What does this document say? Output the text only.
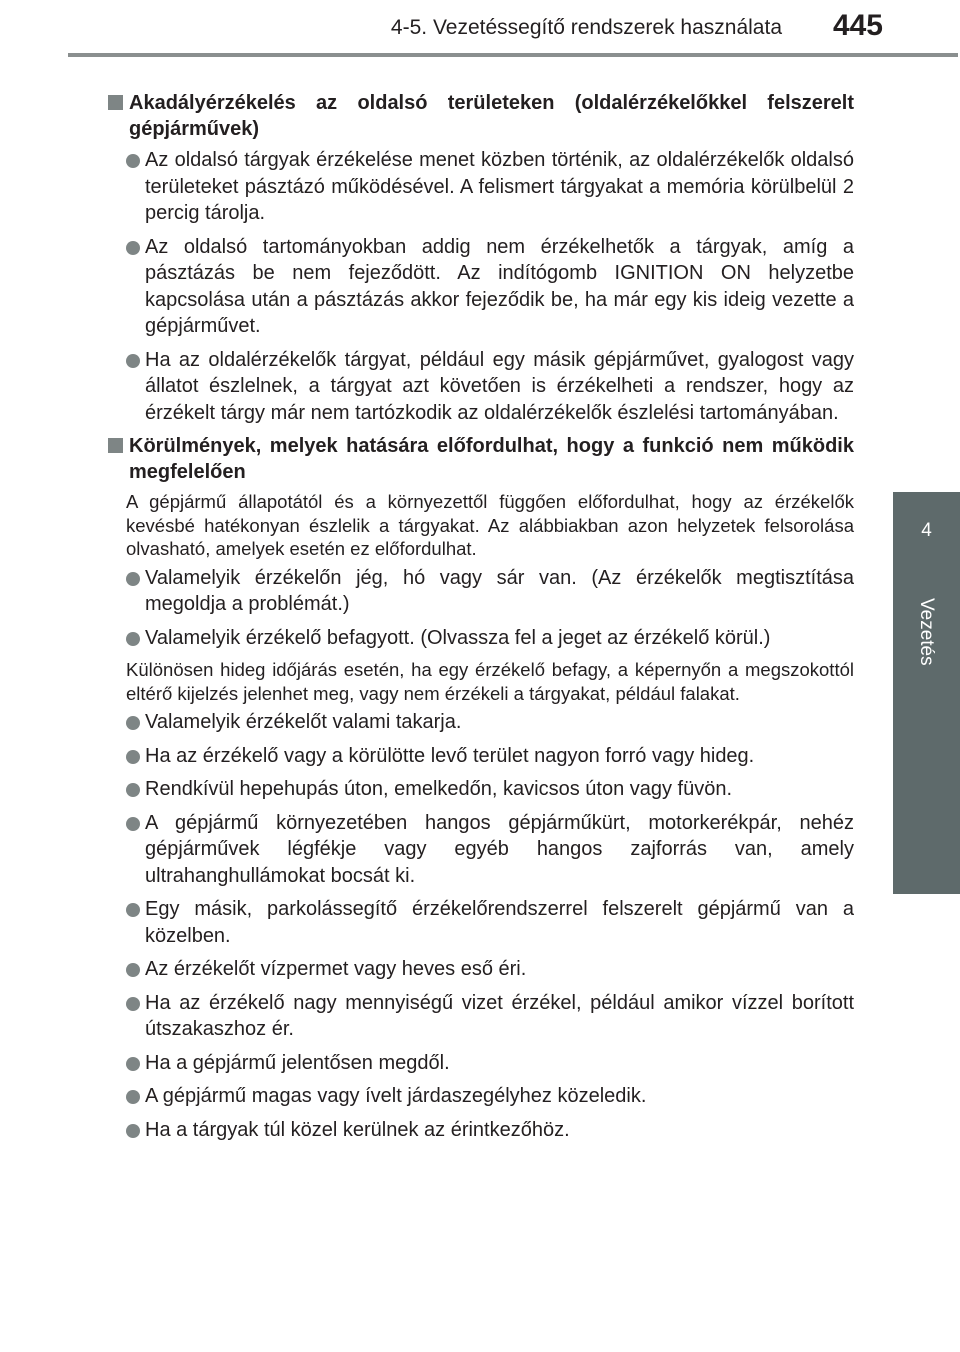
4-5. Vezetéssegítő rendszerek használata 445
4
Vezetés
Akadályérzékelés az oldalsó területeken (oldalérzékelőkkel felszerelt gépjárművek)
Az oldalsó tárgyak érzékelése menet közben történik, az oldalérzékelők oldalsó területeket pásztázó működésével. A felismert tárgyakat a memória körülbelül 2 percig tárolja.
Az oldalsó tartományokban addig nem érzékelhetők a tárgyak, amíg a pásztázás be nem fejeződött. Az indítógomb IGNITION ON helyzetbe kapcsolása után a pásztázás akkor fejeződik be, ha már egy kis ideig vezette a gépjárművet.
Ha az oldalérzékelők tárgyat, például egy másik gépjárművet, gyalogost vagy állatot észlelnek, a tárgyat azt követően is érzékelheti a rendszer, hogy az érzékelt tárgy már nem tartózkodik az oldalérzékelők észlelési tartományában.
Körülmények, melyek hatására előfordulhat, hogy a funkció nem működik megfelelően
A gépjármű állapotától és a környezettől függően előfordulhat, hogy az érzékelők kevésbé hatékonyan észlelik a tárgyakat. Az alábbiakban azon helyzetek felsorolása olvasható, amelyek esetén ez előfordulhat.
Valamelyik érzékelőn jég, hó vagy sár van. (Az érzékelők megtisztítása megoldja a problémát.)
Valamelyik érzékelő befagyott. (Olvassza fel a jeget az érzékelő körül.)
Különösen hideg időjárás esetén, ha egy érzékelő befagy, a képernyőn a megszokottól eltérő kijelzés jelenhet meg, vagy nem érzékeli a tárgyakat, például falakat.
Valamelyik érzékelőt valami takarja.
Ha az érzékelő vagy a körülötte levő terület nagyon forró vagy hideg.
Rendkívül hepehupás úton, emelkedőn, kavicsos úton vagy füvön.
A gépjármű környezetében hangos gépjárműkürt, motorkerékpár, nehéz gépjárművek légfékje vagy egyéb hangos zajforrás van, amely ultrahanghullámokat bocsát ki.
Egy másik, parkolássegítő érzékelőrendszerrel felszerelt gépjármű van a közelben.
Az érzékelőt vízpermet vagy heves eső éri.
Ha az érzékelő nagy mennyiségű vizet érzékel, például amikor vízzel borított útszakaszhoz ér.
Ha a gépjármű jelentősen megdől.
A gépjármű magas vagy ívelt járdaszegélyhez közeledik.
Ha a tárgyak túl közel kerülnek az érintkezőhöz.
